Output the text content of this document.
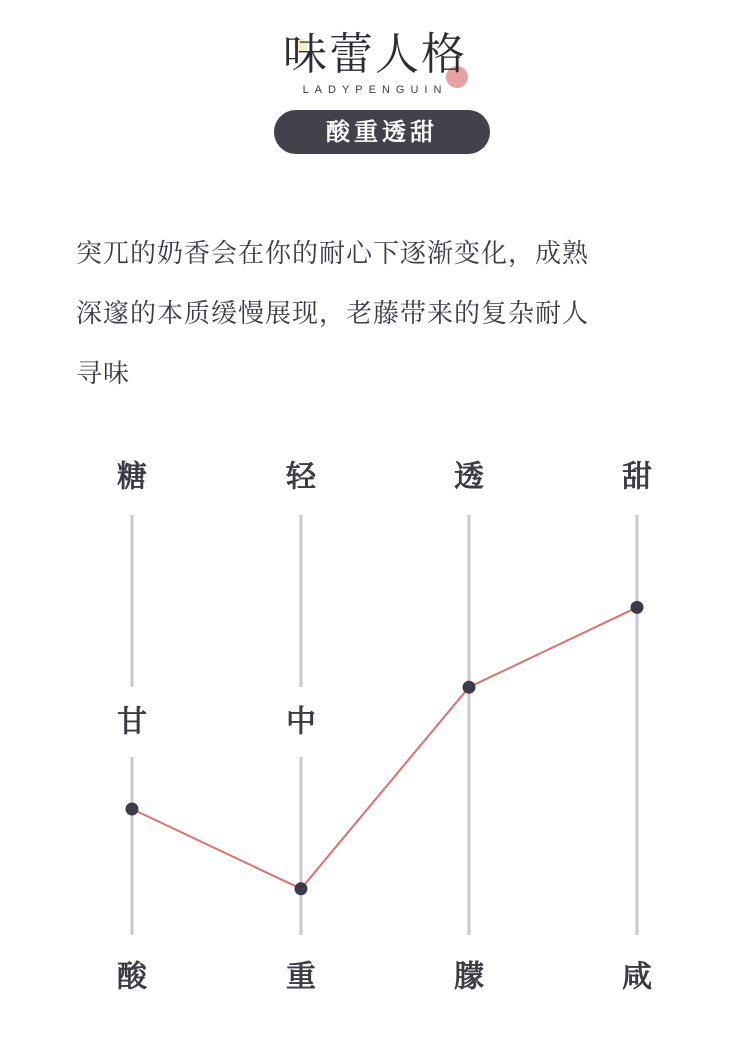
味蕾人格
LADYPENGUIN
酸重透甜
突兀的奶香会在你的耐心下逐渐变化，成熟
深邃的本质缓慢展现，老藤带来的复杂耐人
寻味
甘
糖
酸
中
轻
重
透
朦
甜
咸
